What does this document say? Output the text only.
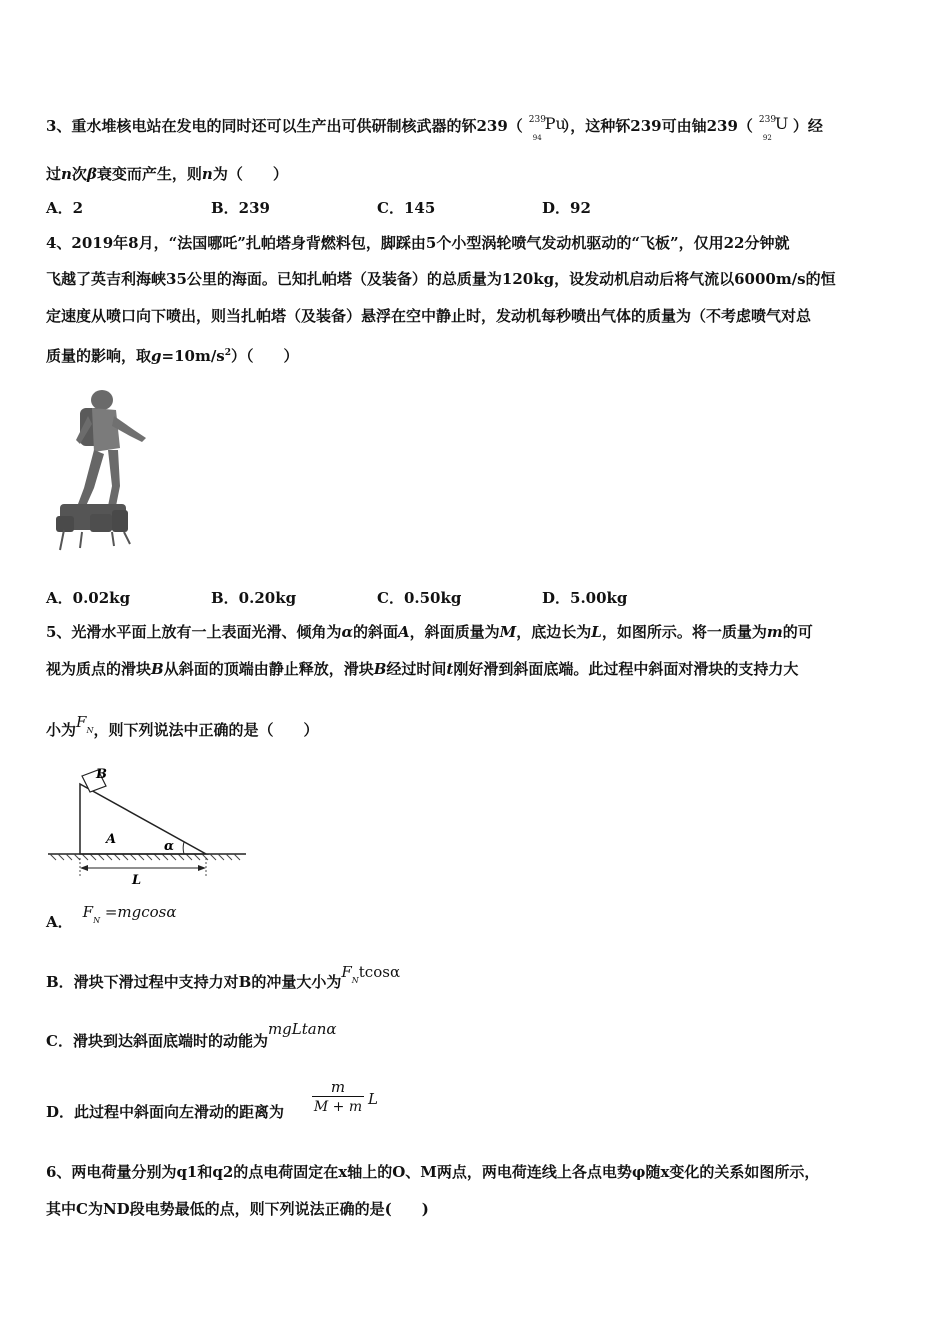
3、重水堆核电站在发电的同时还可以生产出可供研制核武器的钚239（ 239
94
Pu
），这种钚239可由铀239（ 239
92
U ）经
过n次β衰变而产生，则n为（　　）
A．2	B．239	C．145	D．92
4、2019年8月，“法国哪吒”扎帕塔身背燃料包，脚踩由5个小型涡轮喷气发动机驱动的“飞板”，仅用22分钟就
飞越了英吉利海峡35公里的海面。已知扎帕塔（及装备）的总质量为120kg，设发动机启动后将气流以6000m/s的恒
定速度从喷口向下喷出，则当扎帕塔（及装备）悬浮在空中静止时，发动机每秒喷出气体的质量为（不考虑喷气对总
质量的影响，取$g=10m/s^2$）（　　）
A．0.02kg	B．0.20kg	C．0.50kg	D．5.00kg
5、光滑水平面上放有一上表面光滑、倾角为α的斜面A，斜面质量为M，底边长为L，如图所示。将一质量为m的可
视为质点的滑块B从斜面的顶端由静止释放，滑块B经过时间t刚好滑到斜面底端。此过程中斜面对滑块的支持力大
小为$F_N$，则下列说法中正确的是（　　）
B
A	α
L
A．$F_N =mgcos\alpha$
B．滑块下滑过程中支持力对B的冲量大小为$F_Ntcos\alpha$
C．滑块到达斜面底端时的动能为mgLtanα
D．此过程中斜面向左滑动的距离为 $\frac{m}{M + m}$ L
6、两电荷量分别为q1和q2的点电荷固定在x轴上的O、M两点，两电荷连线上各点电势φ随x变化的关系如图所示，
其中C为ND段电势最低的点，则下列说法正确的是(　　)
